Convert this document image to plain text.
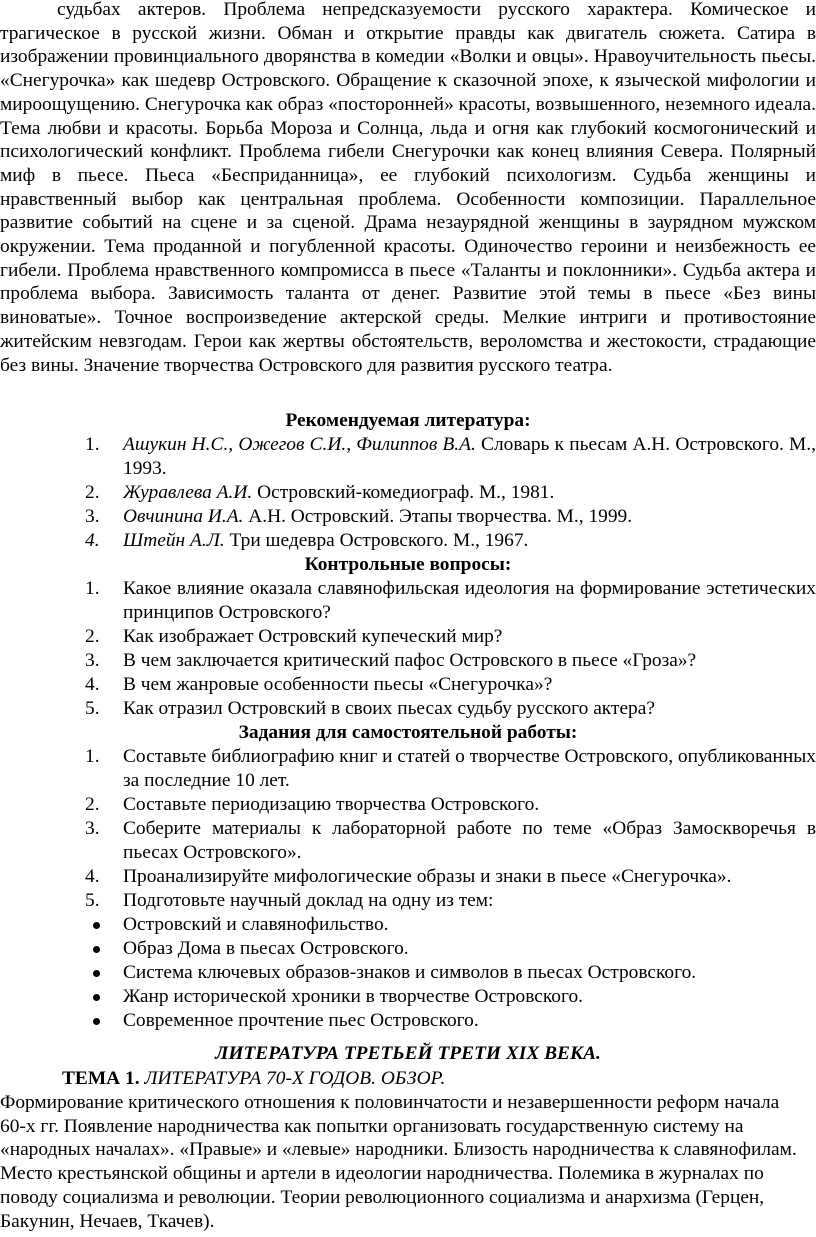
судьбах актеров. Проблема непредсказуемости русского характера. Комическое и трагическое в русской жизни. Обман и открытие правды как двигатель сюжета. Сатира в изображении провинциального дворянства в комедии «Волки и овцы». Нравоучительность пьесы. «Снегурочка» как шедевр Островского. Обращение к сказочной эпохе, к языческой мифологии и мироощущению. Снегурочка как образ «посторонней» красоты, возвышенного, неземного идеала. Тема любви и красоты. Борьба Мороза и Солнца, льда и огня как глубокий космогонический и психологический конфликт. Проблема гибели Снегурочки как конец влияния Севера. Полярный миф в пьесе. Пьеса «Бесприданница», ее глубокий психологизм. Судьба женщины и нравственный выбор как центральная проблема. Особенности композиции. Параллельное развитие событий на сцене и за сценой. Драма незаурядной женщины в заурядном мужском окружении. Тема проданной и погубленной красоты. Одиночество героини и неизбежность ее гибели. Проблема нравственного компромисса в пьесе «Таланты и поклонники». Судьба актера и проблема выбора. Зависимость таланта от денег. Развитие этой темы в пьесе «Без вины виноватые». Точное воспроизведение актерской среды. Мелкие интриги и противостояние житейским невзгодам. Герои как жертвы обстоятельств, вероломства и жестокости, страдающие без вины. Значение творчества Островского для развития русского театра.

Рекомендуемая литература:
1.	Ашукин Н.С., Ожегов С.И., Филиппов В.А. Словарь к пьесам А.Н. Островского. М., 1993.
2.	Журавлева А.И. Островский-комедиограф. М., 1981.
3.	Овчинина И.А. А.Н. Островский. Этапы творчества. М., 1999.
4.	Штейн А.Л. Три шедевра Островского. М., 1967.
Контрольные вопросы:
1.	Какое влияние оказала славянофильская идеология на формирование эстетических принципов Островского?
2.	Как изображает Островский купеческий мир?
3.	В чем заключается критический пафос Островского в пьесе «Гроза»?
4.	В чем жанровые особенности пьесы «Снегурочка»?
5.	Как отразил Островский в своих пьесах судьбу русского актера?
Задания для самостоятельной работы:
1.	Составьте библиографию книг и статей о творчестве Островского, опубликованных за последние 10 лет.
2.	Составьте периодизацию творчества Островского.
3.	Соберите материалы к лабораторной работе по теме «Образ Замоскворечья в пьесах Островского».
4.	Проанализируйте мифологические образы и знаки в пьесе «Снегурочка».
5.	Подготовьте научный доклад на одну из тем:
Островский и славянофильство.
Образ Дома в пьесах Островского.
Система ключевых образов-знаков и символов в пьесах Островского.
Жанр исторической хроники в творчестве Островского.
Современное прочтение пьес Островского.
ЛИТЕРАТУРА ТРЕТЬЕЙ ТРЕТИ XIX ВЕКА.
ТЕМА 1. ЛИТЕРАТУРА 70-Х ГОДОВ. ОБЗОР.

Формирование критического отношения к половинчатости и незавершенности реформ начала 60-х гг. Появление народничества как попытки организовать государственную систему на «народных началах». «Правые» и «левые» народники. Близость народничества к славянофилам. Место крестьянской общины и артели в идеологии народничества. Полемика в журналах по поводу социализма и революции. Теории революционного социализма и анархизма (Герцен, Бакунин, Нечаев, Ткачев).
